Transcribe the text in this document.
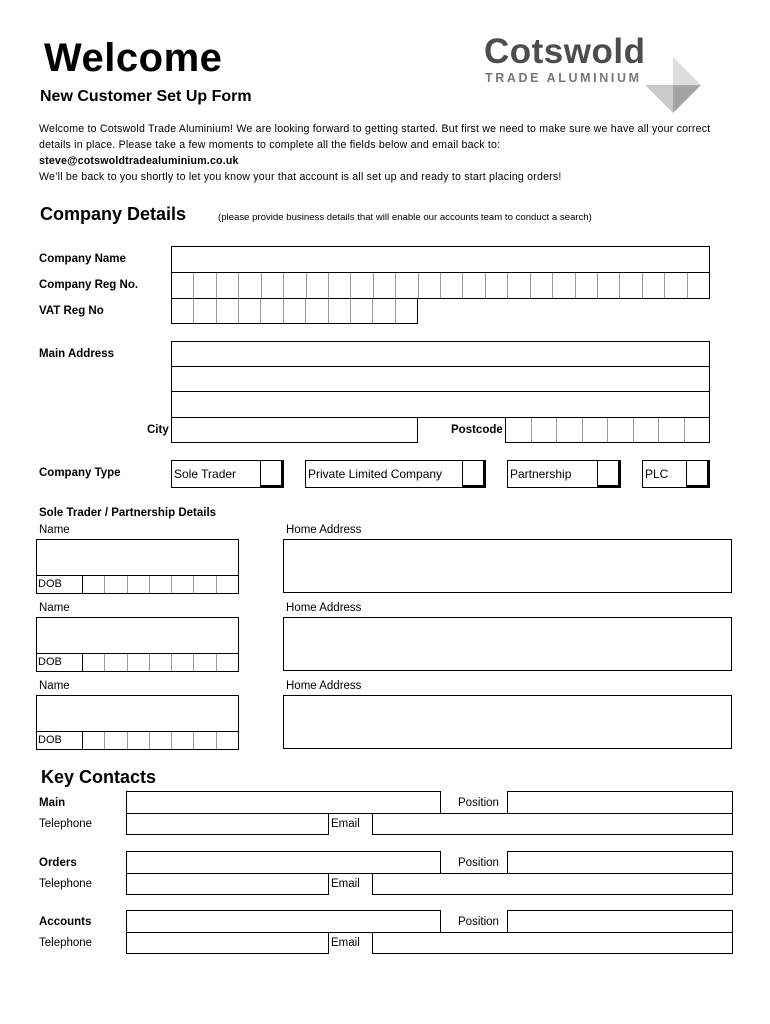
Welcome
New Customer Set Up Form
Welcome to Cotswold Trade Aluminium! We are looking forward to getting started. But first we need to make sure we have all your correct details in place. Please take a few moments to complete all the fields below and email back to:
steve@cotswoldtradealuminium.co.uk
We’ll be back to you shortly to let you know your that account is all set up and ready to start placing orders!
Cotswold
TRADE ALUMINIUM
Company Details	(please provide business details that will enable our accounts team to conduct a search)
Company Name
Company Reg No.
VAT Reg No
Main Address
City	Postcode
Company Type	Sole Trader	Private Limited Company	Partnership	PLC
Sole Trader / Partnership Details
Name	Home Address
DOB
Name	Home Address
DOB
Name	Home Address
DOB
Key Contacts
Main	Position
Telephone	Email
Orders	Position
Telephone	Email
Accounts	Position
Telephone	Email
